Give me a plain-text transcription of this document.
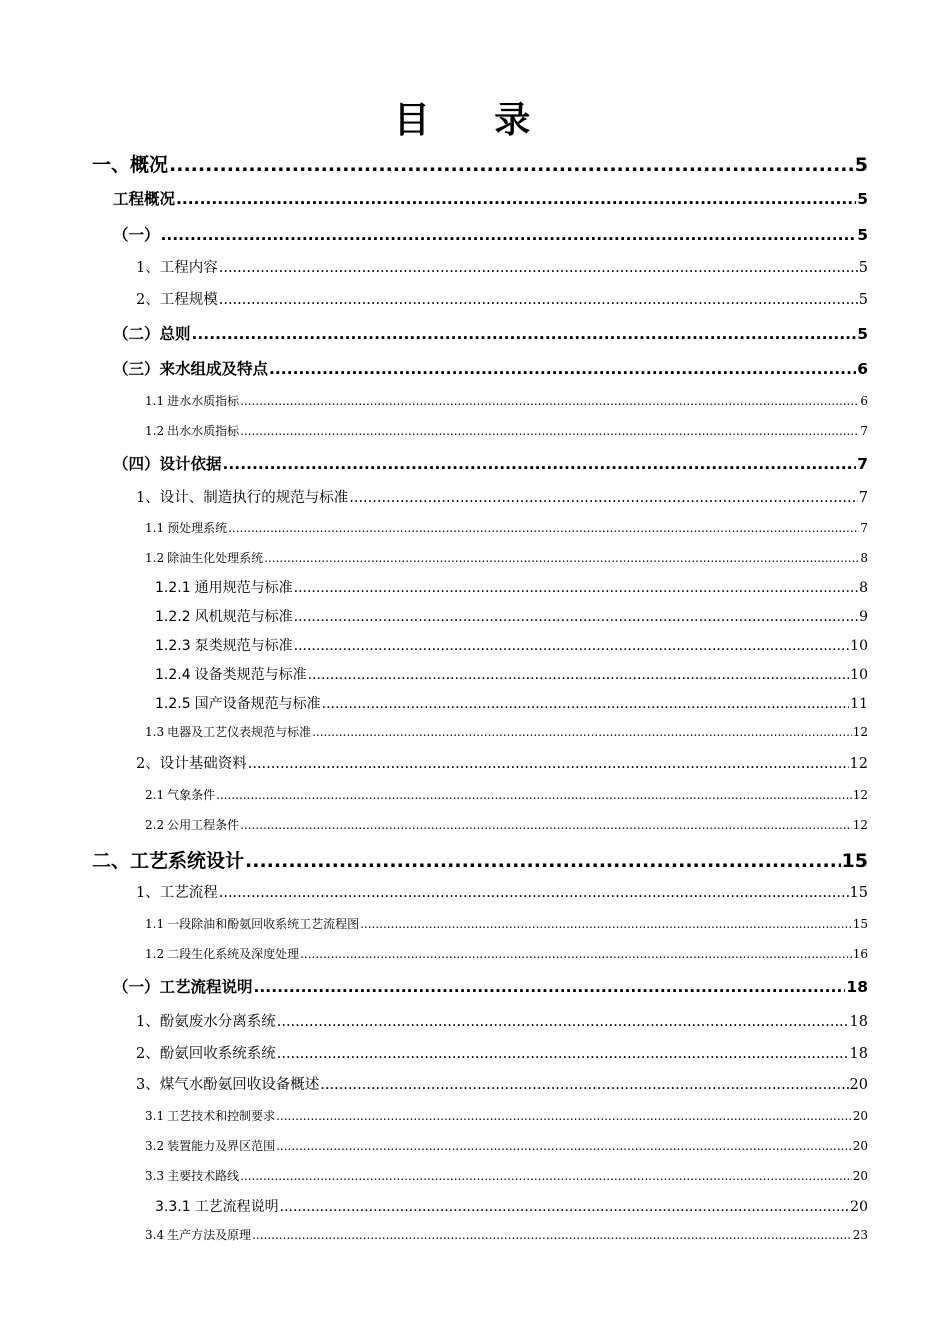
目 录
一、 概况 .....	5
工程概况 .....	5
（一） .....	5
1、 工程内容 .....	5
2、 工程规模 .....	5
（二） 总则 .....	5
（三） 来水组成及特点 .....	6
1.1 进水水质指标 .....	6
1.2 出水水质指标 .....	7
（四） 设计依据 .....	7
1、 设计、制造执行的规范与标准 .....	7
1.1 预处理系统 .....	7
1.2 除油生化处理系统 .....	8
1.2.1 通用规范与标准 .....	8
1.2.2 风机规范与标准 .....	9
1.2.3 泵类规范与标准 .....	10
1.2.4 设备类规范与标准 .....	10
1.2.5 国产设备规范与标准 .....	11
1.3 电器及工艺仪表规范与标准 .....	12
2、 设计基础资料 .....	12
2.1 气象条件 .....	12
2.2 公用工程条件 .....	12
二、 工艺系统设计 .....	15
1、 工艺流程 .....	15
1.1 一段除油和酚氨回收系统工艺流程图 .....	15
1.2 二段生化系统及深度处理 .....	16
（一） 工艺流程说明 .....	18
1、 酚氨废水分离系统 .....	18
2、 酚氨回收系统系统 .....	18
3、 煤气水酚氨回收设备概述 .....	20
3.1 工艺技术和控制要求 .....	20
3.2 装置能力及界区范围 .....	20
3.3 主要技术路线 .....	20
3.3.1 工艺流程说明 .....	20
3.4 生产方法及原理 .....	23
